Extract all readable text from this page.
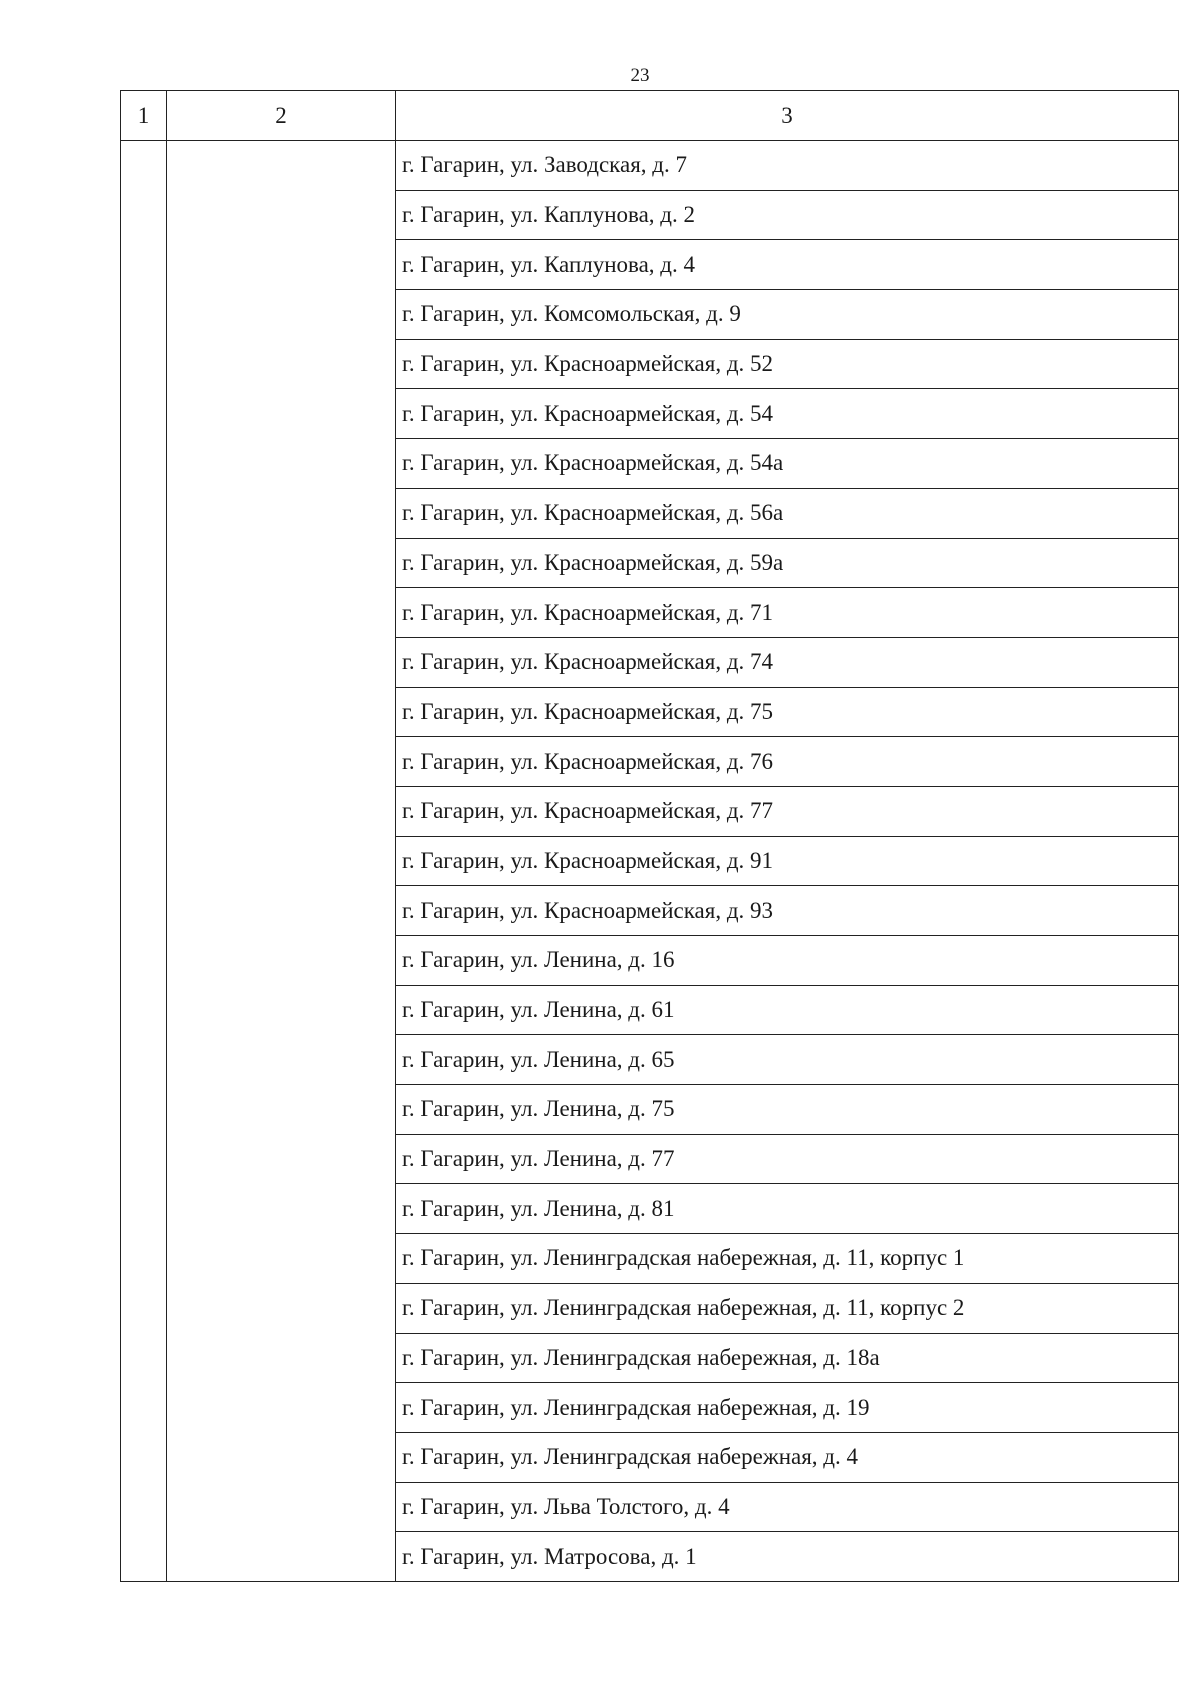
23
1	2	3
		г. Гагарин, ул. Заводская, д. 7
		г. Гагарин, ул. Каплунова, д. 2
		г. Гагарин, ул. Каплунова, д. 4
		г. Гагарин, ул. Комсомольская, д. 9
		г. Гагарин, ул. Красноармейская, д. 52
		г. Гагарин, ул. Красноармейская, д. 54
		г. Гагарин, ул. Красноармейская, д. 54а
		г. Гагарин, ул. Красноармейская, д. 56а
		г. Гагарин, ул. Красноармейская, д. 59а
		г. Гагарин, ул. Красноармейская, д. 71
		г. Гагарин, ул. Красноармейская, д. 74
		г. Гагарин, ул. Красноармейская, д. 75
		г. Гагарин, ул. Красноармейская, д. 76
		г. Гагарин, ул. Красноармейская, д. 77
		г. Гагарин, ул. Красноармейская, д. 91
		г. Гагарин, ул. Красноармейская, д. 93
		г. Гагарин, ул. Ленина, д. 16
		г. Гагарин, ул. Ленина, д. 61
		г. Гагарин, ул. Ленина, д. 65
		г. Гагарин, ул. Ленина, д. 75
		г. Гагарин, ул. Ленина, д. 77
		г. Гагарин, ул. Ленина, д. 81
		г. Гагарин, ул. Ленинградская набережная, д. 11, корпус 1
		г. Гагарин, ул. Ленинградская набережная, д. 11, корпус 2
		г. Гагарин, ул. Ленинградская набережная, д. 18а
		г. Гагарин, ул. Ленинградская набережная, д. 19
		г. Гагарин, ул. Ленинградская набережная, д. 4
		г. Гагарин, ул. Льва Толстого, д. 4
		г. Гагарин, ул. Матросова, д. 1
